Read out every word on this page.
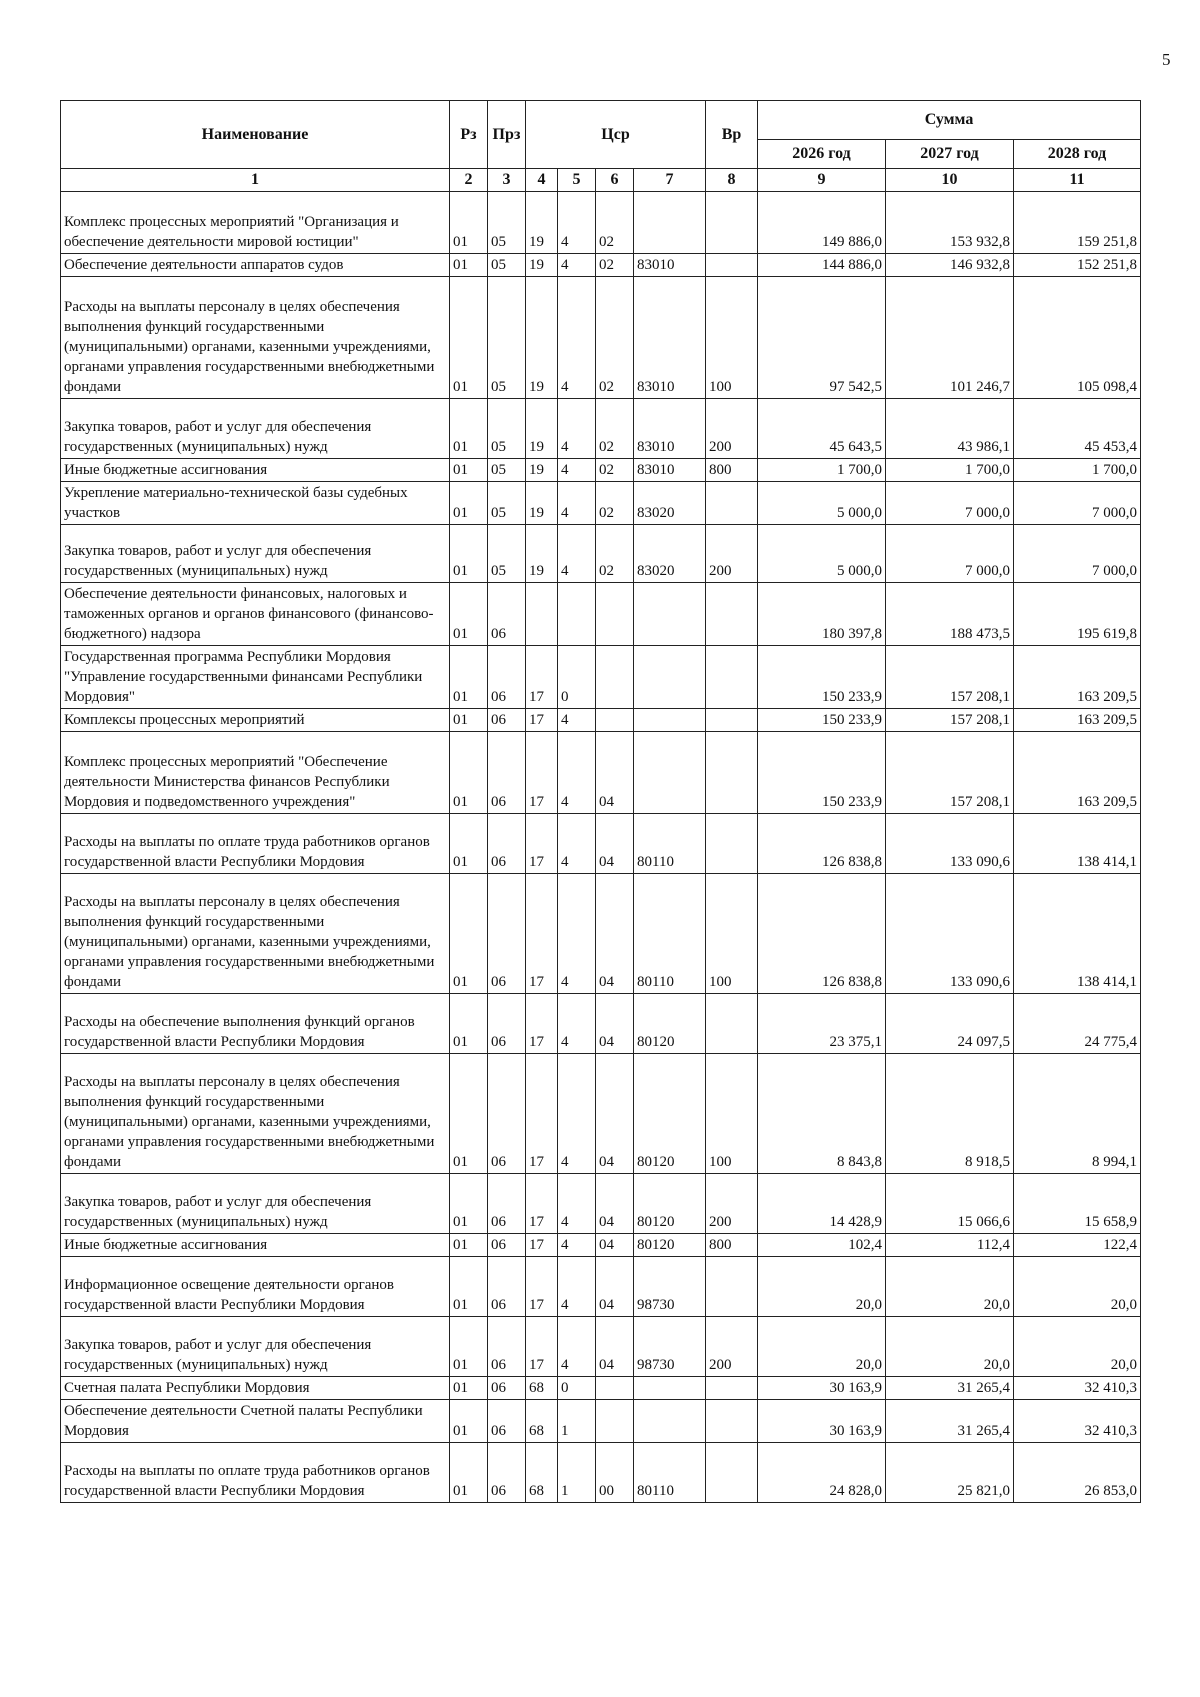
5
Наименование	Рз	Прз	Цср				Вр	Сумма		
								2026 год	2027 год	2028 год
1	2	3	4	5	6	7	8	9	10	11
Комплекс процессных мероприятий "Организация и обеспечение деятельности мировой юстиции"	01	05	19	4	02			149 886,0	153 932,8	159 251,8
Обеспечение деятельности аппаратов судов	01	05	19	4	02	83010		144 886,0	146 932,8	152 251,8
Расходы на выплаты персоналу в целях обеспечения выполнения функций государственными (муниципальными) органами, казенными учреждениями, органами управления государственными внебюджетными фондами	01	05	19	4	02	83010	100	97 542,5	101 246,7	105 098,4
Закупка товаров, работ и услуг для обеспечения государственных (муниципальных) нужд	01	05	19	4	02	83010	200	45 643,5	43 986,1	45 453,4
Иные бюджетные ассигнования	01	05	19	4	02	83010	800	1 700,0	1 700,0	1 700,0
Укрепление материально-технической базы судебных участков	01	05	19	4	02	83020		5 000,0	7 000,0	7 000,0
Закупка товаров, работ и услуг для обеспечения государственных (муниципальных) нужд	01	05	19	4	02	83020	200	5 000,0	7 000,0	7 000,0
Обеспечение деятельности финансовых, налоговых и таможенных органов и органов финансового (финансово-бюджетного) надзора	01	06						180 397,8	188 473,5	195 619,8
Государственная программа Республики Мордовия "Управление государственными финансами Республики Мордовия"	01	06	17	0				150 233,9	157 208,1	163 209,5
Комплексы процессных мероприятий	01	06	17	4				150 233,9	157 208,1	163 209,5
Комплекс процессных мероприятий "Обеспечение деятельности Министерства финансов Республики Мордовия и подведомственного учреждения"	01	06	17	4	04			150 233,9	157 208,1	163 209,5
Расходы на выплаты по оплате труда работников органов государственной власти Республики Мордовия	01	06	17	4	04	80110		126 838,8	133 090,6	138 414,1
Расходы на выплаты персоналу в целях обеспечения выполнения функций государственными (муниципальными) органами, казенными учреждениями, органами управления государственными внебюджетными фондами	01	06	17	4	04	80110	100	126 838,8	133 090,6	138 414,1
Расходы на обеспечение выполнения функций органов государственной власти Республики Мордовия	01	06	17	4	04	80120		23 375,1	24 097,5	24 775,4
Расходы на выплаты персоналу в целях обеспечения выполнения функций государственными (муниципальными) органами, казенными учреждениями, органами управления государственными внебюджетными фондами	01	06	17	4	04	80120	100	8 843,8	8 918,5	8 994,1
Закупка товаров, работ и услуг для обеспечения государственных (муниципальных) нужд	01	06	17	4	04	80120	200	14 428,9	15 066,6	15 658,9
Иные бюджетные ассигнования	01	06	17	4	04	80120	800	102,4	112,4	122,4
Информационное освещение деятельности органов государственной власти Республики Мордовия	01	06	17	4	04	98730		20,0	20,0	20,0
Закупка товаров, работ и услуг для обеспечения государственных (муниципальных) нужд	01	06	17	4	04	98730	200	20,0	20,0	20,0
Счетная палата Республики Мордовия	01	06	68	0				30 163,9	31 265,4	32 410,3
Обеспечение деятельности Счетной палаты Республики Мордовия	01	06	68	1				30 163,9	31 265,4	32 410,3
Расходы на выплаты по оплате труда работников органов государственной власти Республики Мордовия	01	06	68	1	00	80110		24 828,0	25 821,0	26 853,0
